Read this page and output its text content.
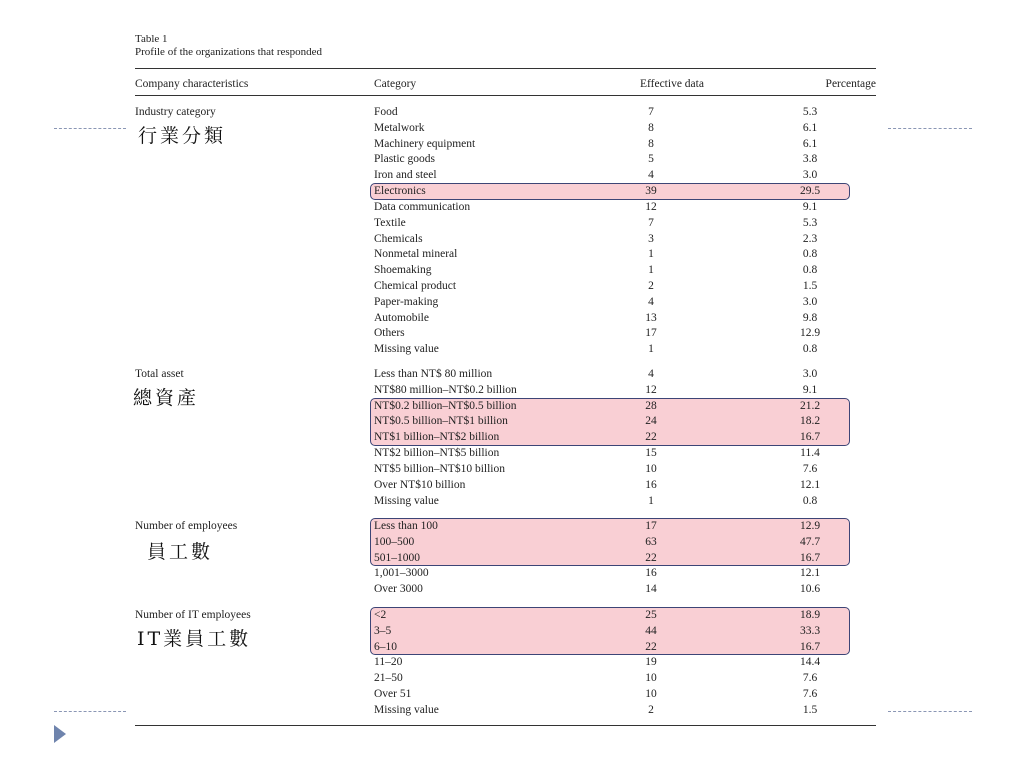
Table 1
Profile of the organizations that responded
Company characteristics	Category	Effective data	Percentage
Industry category
行業分類
Food	7	5.3
Metalwork	8	6.1
Machinery equipment	8	6.1
Plastic goods	5	3.8
Iron and steel	4	3.0
Electronics	39	29.5
Data communication	12	9.1
Textile	7	5.3
Chemicals	3	2.3
Nonmetal mineral	1	0.8
Shoemaking	1	0.8
Chemical product	2	1.5
Paper-making	4	3.0
Automobile	13	9.8
Others	17	12.9
Missing value	1	0.8
Total asset
總資產
Less than NT$ 80 million	4	3.0
NT$80 million–NT$0.2 billion	12	9.1
NT$0.2 billion–NT$0.5 billion	28	21.2
NT$0.5 billion–NT$1 billion	24	18.2
NT$1 billion–NT$2 billion	22	16.7
NT$2 billion–NT$5 billion	15	11.4
NT$5 billion–NT$10 billion	10	7.6
Over NT$10 billion	16	12.1
Missing value	1	0.8
Number of employees
員工數
Less than 100	17	12.9
100–500	63	47.7
501–1000	22	16.7
1,001–3000	16	12.1
Over 3000	14	10.6
Number of IT employees
IT業員工數
<2	25	18.9
3–5	44	33.3
6–10	22	16.7
11–20	19	14.4
21–50	10	7.6
Over 51	10	7.6
Missing value	2	1.5
